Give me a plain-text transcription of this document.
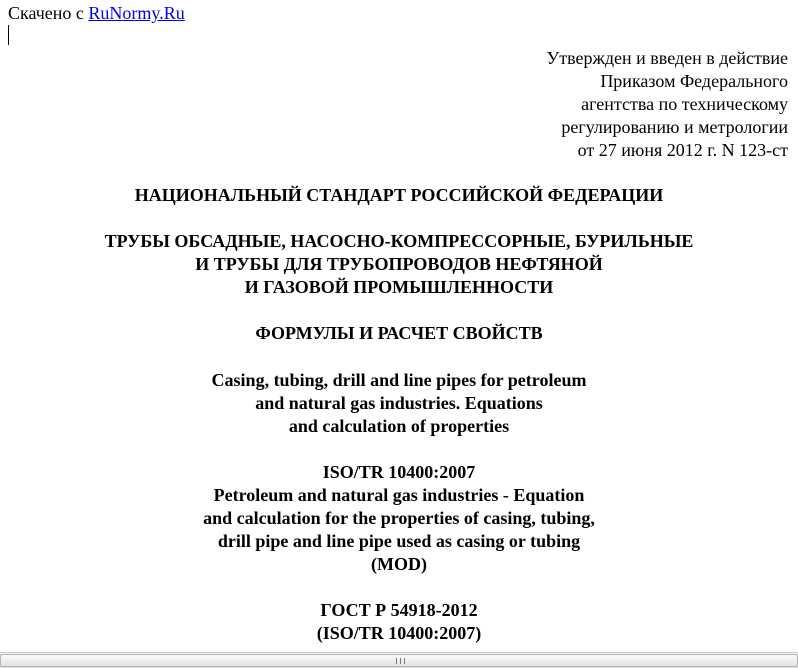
Скачено с RuNormy.Ru
Утвержден и введен в действие
Приказом Федерального
агентства по техническому
регулированию и метрологии
от 27 июня 2012 г. N 123-ст
НАЦИОНАЛЬНЫЙ СТАНДАРТ РОССИЙСКОЙ ФЕДЕРАЦИИ
ТРУБЫ ОБСАДНЫЕ, НАСОСНО-КОМПРЕССОРНЫЕ, БУРИЛЬНЫЕ
И ТРУБЫ ДЛЯ ТРУБОПРОВОДОВ НЕФТЯНОЙ
И ГАЗОВОЙ ПРОМЫШЛЕННОСТИ
ФОРМУЛЫ И РАСЧЕТ СВОЙСТВ
Casing, tubing, drill and line pipes for petroleum
and natural gas industries. Equations
and calculation of properties
ISO/TR 10400:2007
Petroleum and natural gas industries - Equation
and calculation for the properties of casing, tubing,
drill pipe and line pipe used as casing or tubing
(MOD)
ГОСТ Р 54918-2012
(ISO/TR 10400:2007)
